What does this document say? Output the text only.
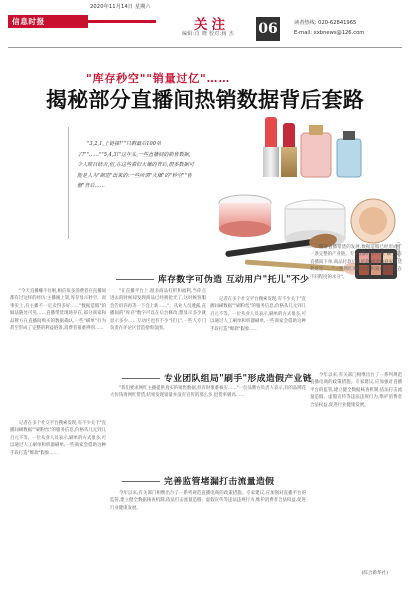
2020年11月14日 星期六
信息时报	关注
编辑:肖 晓 校对:杨 杰 06	读者热线: 020-62841965
E-mail: xxbnews@126.com
"库存秒空""销量过亿"……
揭秘部分直播间热销数据背后套路

"3,2,1,上链接!""只剩最后100单了!""……""5,4,3!"这年头,一些直播间的销售数据,令人瞠目结舌,但,在这些看似火爆的背后,很多数据可能是人为"制造"出来的:一些所谓"火爆"的"秒空""售罄"背后……

(网络图)

"今天直播赚不住啦,相信很多消费者在直播间都有过这样的经历:主播刚上架,库存显示秒空。而事实上,有主播不一定卖得多好……"数据造假"的做法随处可见……直播带货现场存在,部分商家和品牌方在直播间购买的数据确认,一些"刷单"行为甚至形成了完整的利益链条,消费者很难辨别……

"在直播平台上,很多商品打折和福利,当你点进去的时候却发现商品已经被抢光了,这时候客服会告诉你再等一下会上新……"。从业人员透露,直播间的"库存"数字可以在后台修改,想显示多少就显示多少……互动区也有不少"托儿",一些人专门负责在评论区营造抢购氛围。

记者在多个社交平台搜索发现,有不少关于"直播间刷数据""刷粉丝"的服务信息,价格从几元到几百元不等。一位从业人员表示,刷单的方式很多,可以通过人工刷单和机器刷单,一些商家会借助这种手段打造"爆款"假象……

随着直播带货的发展,数据造假已经形成了一条完整的产业链。专业团队组织大量"刷手"在直播间下单,商品付款后再退款,或者由商家将货款返还……"一些网红的粉丝数和观看量都存在不同程度的水分"。

库存数字可伪造 互动用户"托儿"不少
专业团队组局"刷手"形成造假产业链

"我们要求网红主播提供真实的销售数据,但有时很难核实……"一位品牌方负责人表示,有的品牌花大价钱请网红带货,结果发现销量并没有宣传的那么多,退货率极高……

今年以来,有关部门相继出台了一系列规范直播电商的政策措施。专家建议,应加强对直播平台的监管,建立健全数据核查机制,依法打击流量造假、虚假宣传等违法违规行为,维护消费者合法权益,促进行业健康发展。

完善监管堵漏打击流量造假

记者在多个社交平台搜索发现,有不少关于"直播间刷数据""刷粉丝"的服务信息,价格从几元到几百元不等。一位从业人员表示,刷单的方式很多,可以通过人工刷单和机器刷单,一些商家会借助这种手段打造"爆款"假象……

今年以来,有关部门相继出台了一系列规范直播电商的政策措施。专家建议,应加强对直播平台的监管,建立健全数据核查机制,依法打击流量造假、虚假宣传等违法违规行为,维护消费者合法权益,促进行业健康发展。

(综合新华社)
